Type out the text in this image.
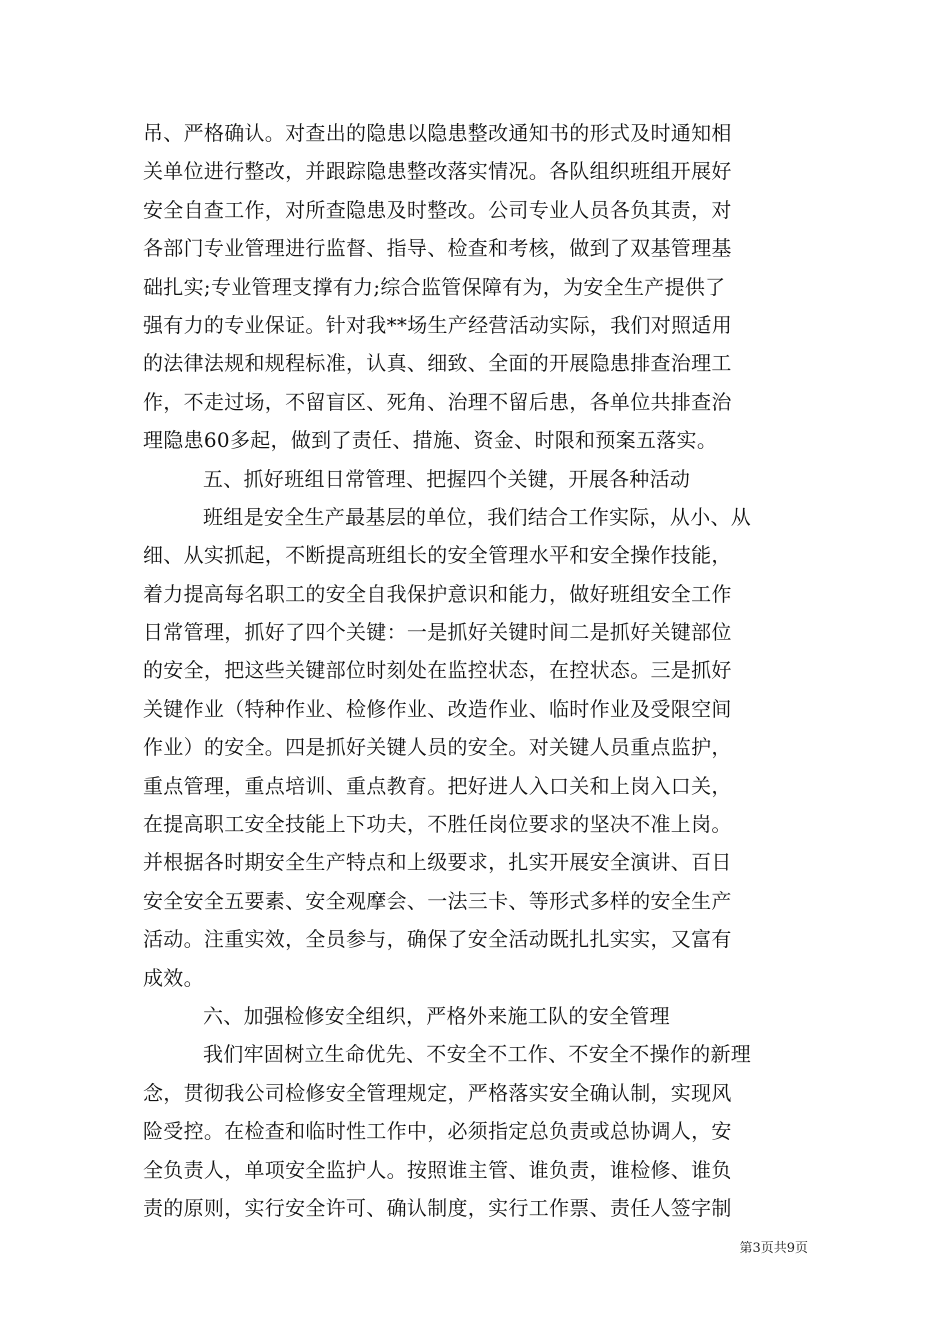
吊、严格确认。对查出的隐患以隐患整改通知书的形式及时通知相
关单位进行整改，并跟踪隐患整改落实情况。各队组织班组开展好
安全自查工作，对所查隐患及时整改。公司专业人员各负其责，对
各部门专业管理进行监督、指导、检查和考核，做到了双基管理基
础扎实;专业管理支撑有力;综合监管保障有为，为安全生产提供了
强有力的专业保证。针对我**场生产经营活动实际，我们对照适用
的法律法规和规程标准，认真、细致、全面的开展隐患排查治理工
作，不走过场，不留盲区、死角、治理不留后患，各单位共排查治
理隐患60多起，做到了责任、措施、资金、时限和预案五落实。
五、抓好班组日常管理、把握四个关键，开展各种活动
班组是安全生产最基层的单位，我们结合工作实际，从小、从
细、从实抓起，不断提高班组长的安全管理水平和安全操作技能，
着力提高每名职工的安全自我保护意识和能力，做好班组安全工作
日常管理，抓好了四个关键：一是抓好关键时间二是抓好关键部位
的安全，把这些关键部位时刻处在监控状态，在控状态。三是抓好
关键作业（特种作业、检修作业、改造作业、临时作业及受限空间
作业）的安全。四是抓好关键人员的安全。对关键人员重点监护，
重点管理，重点培训、重点教育。把好进人入口关和上岗入口关，
在提高职工安全技能上下功夫，不胜任岗位要求的坚决不准上岗。
并根据各时期安全生产特点和上级要求，扎实开展安全演讲、百日
安全安全五要素、安全观摩会、一法三卡、等形式多样的安全生产
活动。注重实效，全员参与，确保了安全活动既扎扎实实，又富有
成效。
六、加强检修安全组织，严格外来施工队的安全管理
我们牢固树立生命优先、不安全不工作、不安全不操作的新理
念，贯彻我公司检修安全管理规定，严格落实安全确认制，实现风
险受控。在检查和临时性工作中，必须指定总负责或总协调人，安
全负责人，单项安全监护人。按照谁主管、谁负责，谁检修、谁负
责的原则，实行安全许可、确认制度，实行工作票、责任人签字制
第3页共9页
